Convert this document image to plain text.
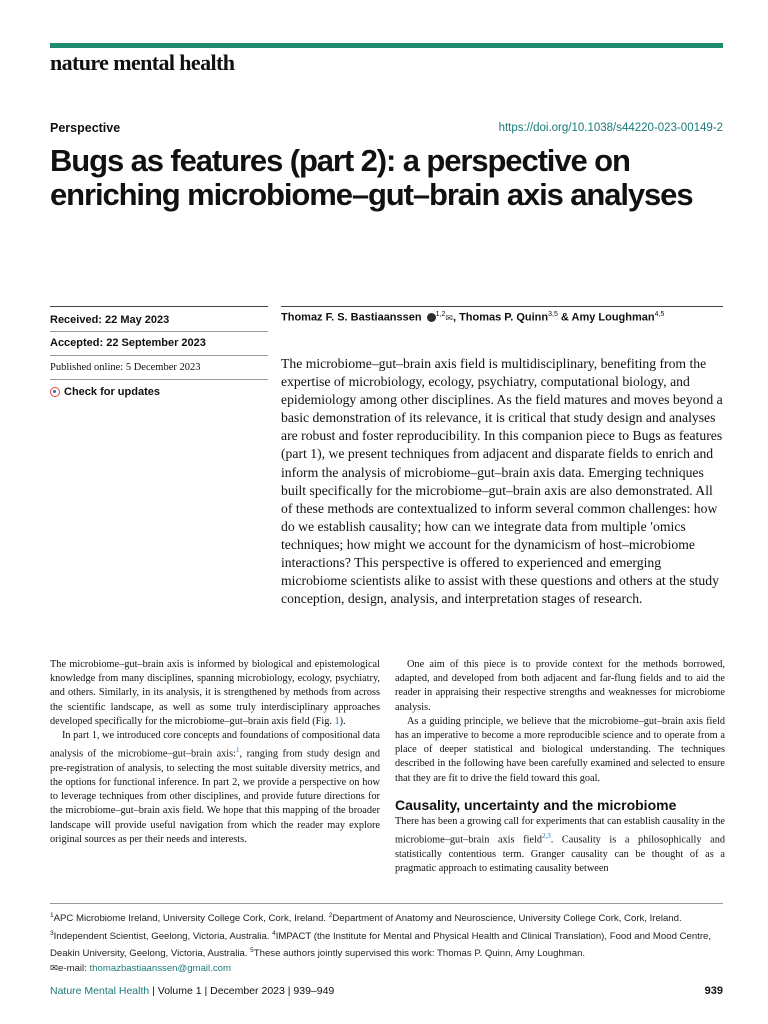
nature mental health
Perspective	https://doi.org/10.1038/s44220-023-00149-2
Bugs as features (part 2): a perspective on enriching microbiome–gut–brain axis analyses
Received: 22 May 2023
Accepted: 22 September 2023
Published online: 5 December 2023
Check for updates
Thomaz F. S. Bastiaanssen $^{1,2}$✉, Thomas P. Quinn$^{3,5}$ & Amy Loughman$^{4,5}$

The microbiome–gut–brain axis field is multidisciplinary, benefiting from the expertise of microbiology, ecology, psychiatry, computational biology, and epidemiology among other disciplines. As the field matures and moves beyond a basic demonstration of its relevance, it is critical that study design and analyses are robust and foster reproducibility. In this companion piece to Bugs as features (part 1), we present techniques from adjacent and disparate fields to enrich and inform the analysis of microbiome–gut–brain axis data. Emerging techniques built specifically for the microbiome–gut–brain axis are also demonstrated. All of these methods are contextualized to inform several common challenges: how do we establish causality; how can we integrate data from multiple ′omics techniques; how might we account for the dynamicism of host–microbiome interactions? This perspective is offered to experienced and emerging microbiome scientists alike to assist with these questions and others at the study conception, design, analysis, and interpretation stages of research.

The microbiome–gut–brain axis is informed by biological and epistemological knowledge from many disciplines, spanning microbiology, ecology, psychiatry, and others. Similarly, in its analysis, it is strengthened by methods from across the scientific landscape, as well as some truly interdisciplinary approaches developed specifically for the microbiome–gut–brain axis field (Fig. 1).

In part 1, we introduced core concepts and foundations of compositional data analysis of the microbiome–gut–brain axis:$^1$, ranging from study design and pre-registration of analysis, to selecting the most suitable diversity metrics, and the options for functional inference. In part 2, we provide a perspective on how to leverage techniques from other disciplines, and provide future directions for the microbiome–gut–brain axis field. We hope that this mapping of the broader landscape will provide useful navigation from which the reader may explore original sources as per their needs and interests.

One aim of this piece is to provide context for the methods borrowed, adapted, and developed from both adjacent and far-flung fields and to aid the reader in appraising their respective strengths and weaknesses for microbiome analysis.

As a guiding principle, we believe that the microbiome–gut–brain axis field has an imperative to become a more reproducible science and to operate from a place of deeper statistical and biological understanding. The techniques described in the following have been carefully examined and selected to ensure that they are fit to drive the field toward this goal.

Causality, uncertainty and the microbiome

There has been a growing call for experiments that can establish causality in the microbiome–gut–brain axis field$^{2,3}$. Causality is a philosophically and statistically contentious term. Granger causality can be thought of as a pragmatic approach to estimating causality between

$^1$APC Microbiome Ireland, University College Cork, Cork, Ireland. $^2$Department of Anatomy and Neuroscience, University College Cork, Cork, Ireland. $^3$Independent Scientist, Geelong, Victoria, Australia. $^4$IMPACT (the Institute for Mental and Physical Health and Clinical Translation), Food and Mood Centre, Deakin University, Geelong, Victoria, Australia. $^5$These authors jointly supervised this work: Thomas P. Quinn, Amy Loughman.
✉e-mail: thomazbastiaanssen@gmail.com

Nature Mental Health | Volume 1 | December 2023 | 939–949	939
